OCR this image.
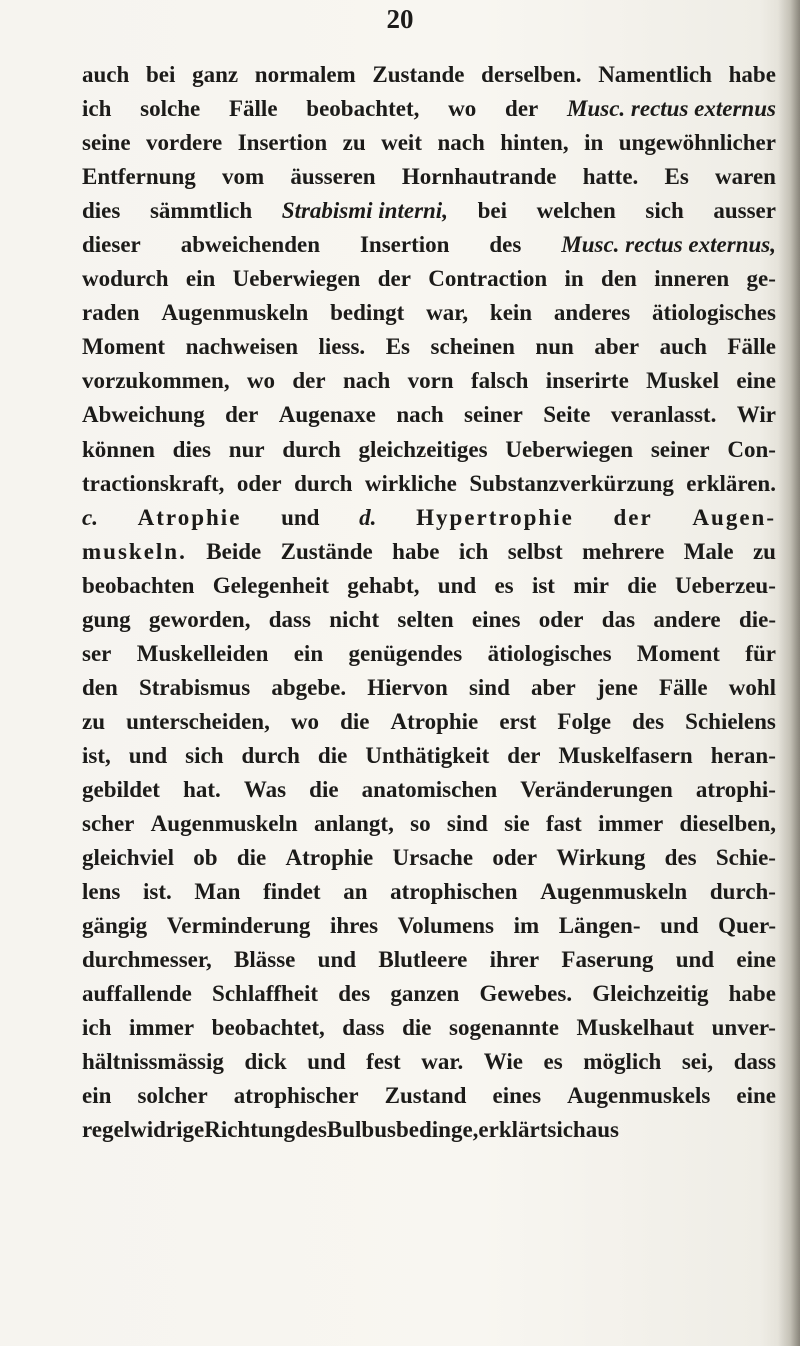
20
auch bei ganz normalem Zustande derselben. Namentlich habe
ich solche Fälle beobachtet, wo der Musc. rectus externus
seine vordere Insertion zu weit nach hinten, in ungewöhnlicher
Entfernung vom äusseren Hornhautrande hatte. Es waren
dies sämmtlich Strabismi interni, bei welchen sich ausser
dieser abweichenden Insertion des Musc. rectus externus,
wodurch ein Ueberwiegen der Contraction in den inneren ge-
raden Augenmuskeln bedingt war, kein anderes ätiologisches
Moment nachweisen liess. Es scheinen nun aber auch Fälle
vorzukommen, wo der nach vorn falsch inserirte Muskel eine
Abweichung der Augenaxe nach seiner Seite veranlasst. Wir
können dies nur durch gleichzeitiges Ueberwiegen seiner Con-
tractionskraft, oder durch wirkliche Substanzverkürzung erklären.
c. Atrophie und d. Hypertrophie der Augen-
muskeln. Beide Zustände habe ich selbst mehrere Male zu
beobachten Gelegenheit gehabt, und es ist mir die Ueberzeu-
gung geworden, dass nicht selten eines oder das andere die-
ser Muskelleiden ein genügendes ätiologisches Moment für
den Strabismus abgebe. Hiervon sind aber jene Fälle wohl
zu unterscheiden, wo die Atrophie erst Folge des Schielens
ist, und sich durch die Unthätigkeit der Muskelfasern heran-
gebildet hat. Was die anatomischen Veränderungen atrophi-
scher Augenmuskeln anlangt, so sind sie fast immer dieselben,
gleichviel ob die Atrophie Ursache oder Wirkung des Schie-
lens ist. Man findet an atrophischen Augenmuskeln durch-
gängig Verminderung ihres Volumens im Längen- und Quer-
durchmesser, Blässe und Blutleere ihrer Faserung und eine
auffallende Schlaffheit des ganzen Gewebes. Gleichzeitig habe
ich immer beobachtet, dass die sogenannte Muskelhaut unver-
hältnissmässig dick und fest war. Wie es möglich sei, dass
ein solcher atrophischer Zustand eines Augenmuskels eine
regelwidrige Richtung des Bulbus bedinge, erklärt sich aus
